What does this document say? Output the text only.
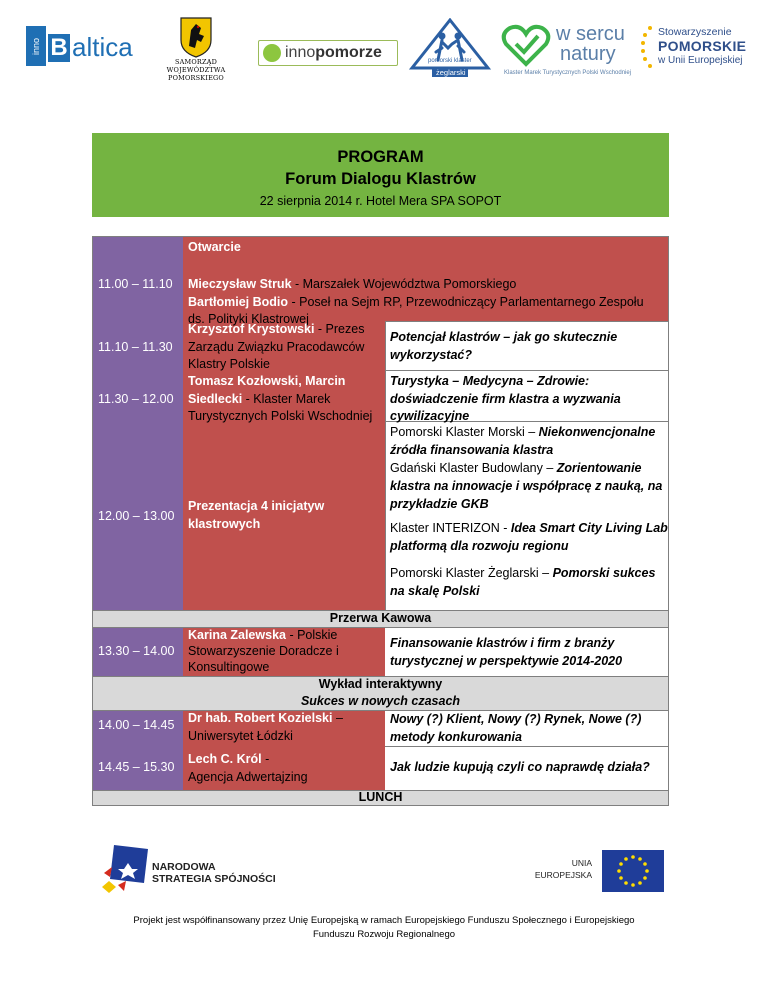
inno B altica	SAMORZĄD
WOJEWÓDZTWA POMORSKIEGO
innopomorze	pomorski klaster
żeglarski
w sercu
natury
Klaster Marek Turystycznych Polski Wschodniej
Stowarzyszenie
POMORSKIE
w Unii Europejskiej
PROGRAM
Forum Dialogu Klastrów
22 sierpnia 2014 r. Hotel Mera SPA SOPOT
Otwarcie
11.00 – 11.10 Mieczysław Struk - Marszałek Województwa Pomorskiego
Bartłomiej Bodio - Poseł na Sejm RP, Przewodniczący Parlamentarnego Zespołu
ds. Polityki Klastrowej
11.10 – 11.30
Krzysztof Krystowski - Prezes
Zarządu Związku Pracodawców
Klastry Polskie
Potencjał klastrów – jak go skutecznie
wykorzystać?
11.30 – 12.00
Tomasz Kozłowski, Marcin
Siedlecki - Klaster Marek
Turystycznych Polski Wschodniej
Turystyka – Medycyna – Zdrowie:
doświadczenie firm klastra a wyzwania
cywilizacyjne
12.00 – 13.00
Prezentacja 4 inicjatyw
klastrowych
Pomorski Klaster Morski – Niekonwencjonalne
źródła finansowania klastra
Gdański Klaster Budowlany – Zorientowanie
klastra na innowacje i współpracę z nauką, na
przykładzie GKB
Klaster INTERIZON - Idea Smart City Living Lab
platformą dla rozwoju regionu
Pomorski Klaster Żeglarski – Pomorski sukces
na skalę Polski
Przerwa Kawowa
13.30 – 14.00
Karina Zalewska - Polskie
Stowarzyszenie Doradcze i
Konsultingowe
Finansowanie klastrów i firm z branży
turystycznej w perspektywie 2014-2020
Wykład interaktywny
Sukces w nowych czasach
14.00 – 14.45 Dr hab. Robert Kozielski –
Uniwersytet Łódzki
Nowy (?) Klient, Nowy (?) Rynek, Nowe (?)
metody konkurowania
14.45 – 15.30
Lech C. Król -
Agencja Adwertajzing
Jak ludzie kupują czyli co naprawdę działa?
LUNCH
NARODOWA
STRATEGIA SPÓJNOŚCI
UNIA
EUROPEJSKA
Projekt jest współfinansowany przez Unię Europejską w ramach Europejskiego Funduszu Społecznego i Europejskiego
Funduszu Rozwoju Regionalnego
